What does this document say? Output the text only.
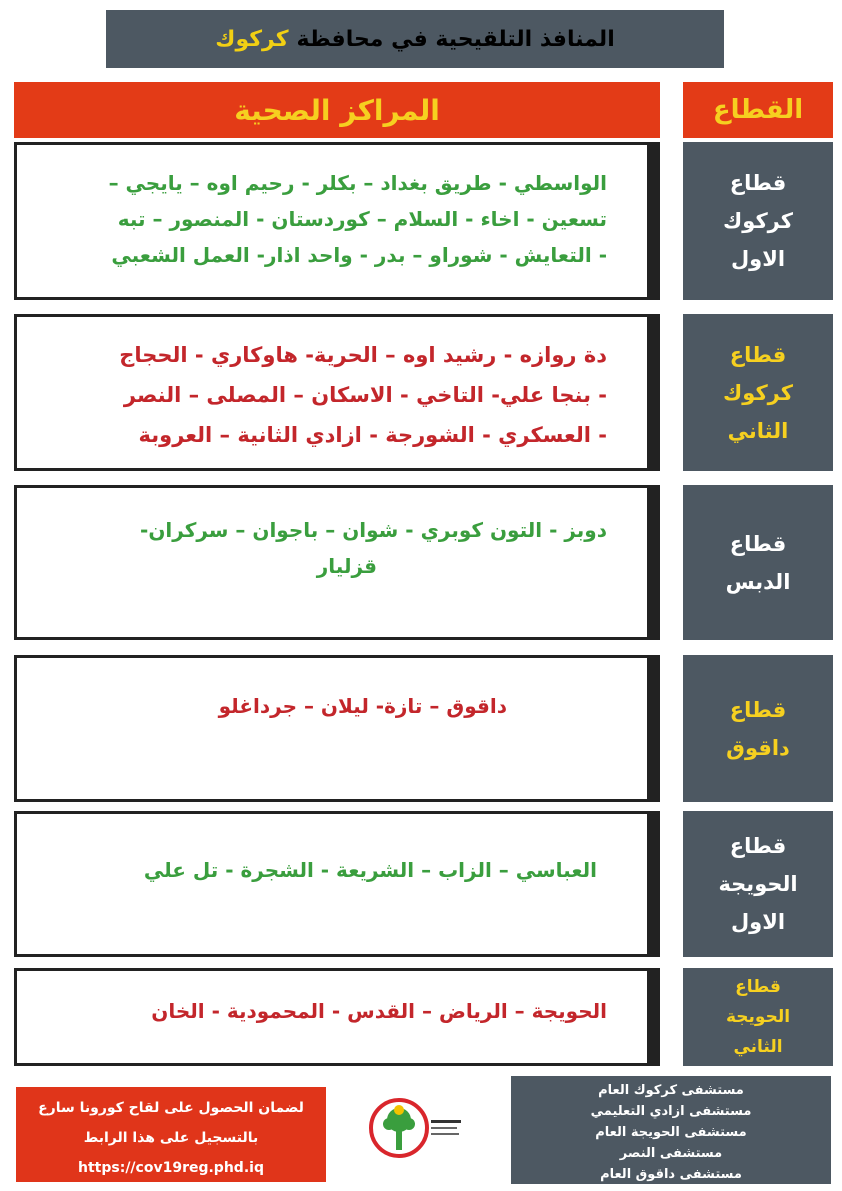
المنافذ التلقيحية في محافظة
كركوك
المراكز الصحية	القطاع
الواسطي - طريق بغداد – بكلر - رحيم اوه – يايجي –
تسعين - اخاء - السلام – كوردستان - المنصور – تبه
- التعايش - شوراو – بدر - واحد اذار- العمل الشعبي
قطاع
كركوك
الاول
دة روازه - رشيد اوه – الحرية- هاوكاري - الحجاج
- بنجا علي- التاخي - الاسكان – المصلى – النصر
- العسكري - الشورجة - ازادي الثانية – العروبة
قطاع
كركوك
الثاني
دوبز - التون كوبري - شوان – باجوان – سركران-
قزليار
قطاع
الدبس
داقوق – تازة- ليلان – جرداغلو	قطاع
داقوق
العباسي – الزاب – الشريعة - الشجرة - تل علي
قطاع
الحويجة
الاول
الحويجة – الرياض – القدس - المحمودية - الخان
قطاع
الحويجة
الثاني
لضمان الحصول على لقاح كورونا سارع
بالتسجيل على هذا الرابط
https://cov19reg.phd.iq
مستشفى كركوك العام
مستشفى ازادي التعليمي
مستشفى الحويجة العام
مستشفى النصر
مستشفى داقوق العام
